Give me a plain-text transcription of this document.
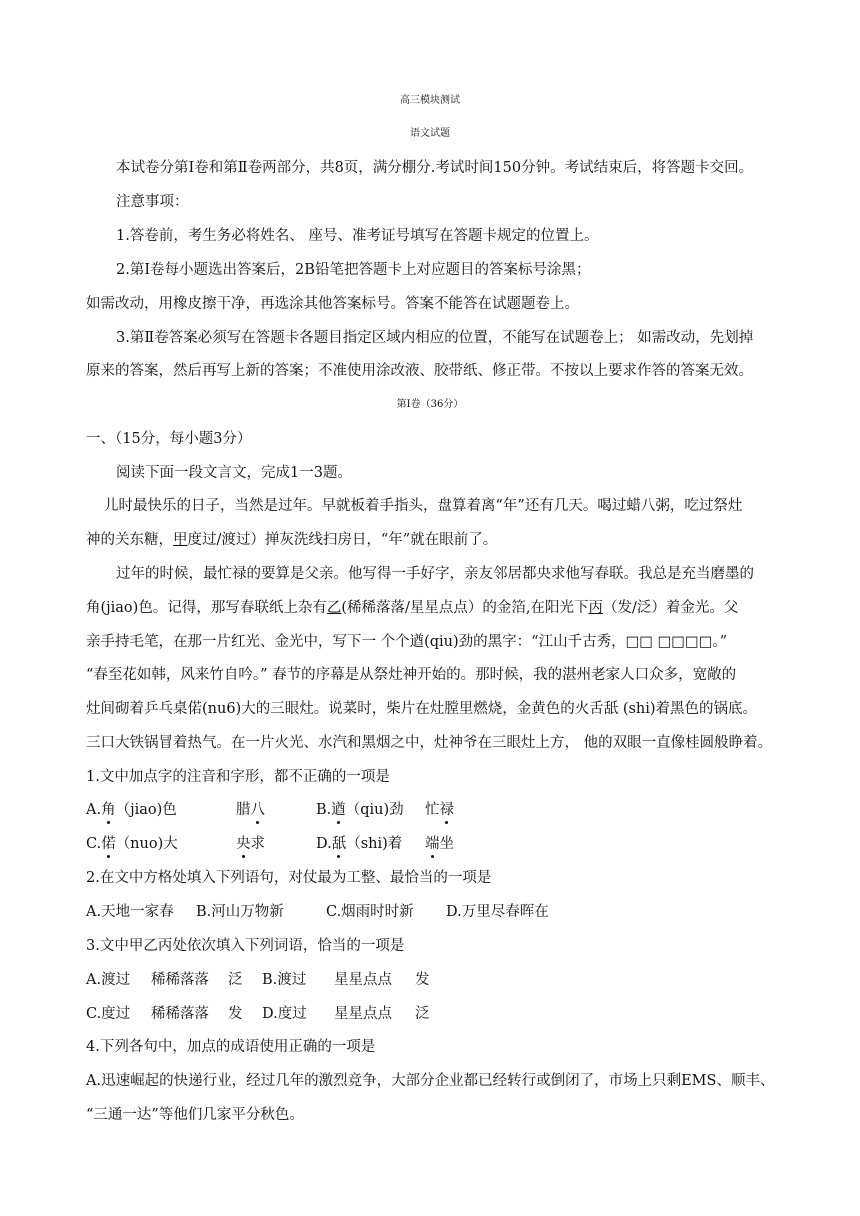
高三模块测试
语文试题
本试卷分第Ⅰ卷和第Ⅱ卷两部分，共8页，满分棚分.考试时间150分钟。考试结束后，将答题卡交回。
注意事项：
1.答卷前，考生务必将姓名、 座号、准考证号填写在答题卡规定的位置上。
2.第Ⅰ卷每小题选出答案后，2B铅笔把答题卡上对应题目的答案标号涂黑；
如需改动，用橡皮擦干净，再选涂其他答案标号。答案不能答在试题题卷上。
3.第Ⅱ卷答案必须写在答题卡各题目指定区域内相应的位置，不能写在试题卷上； 如需改动，先划掉
原来的答案，然后再写上新的答案；不准使用涂改液、胶带纸、修正带。不按以上要求作答的答案无效。
第Ⅰ卷（36分）
一、（15分，每小题3分）
阅读下面一段文言文，完成1一3题。
儿时最快乐的日子，当然是过年。早就板着手指头，盘算着离“年”还有几天。喝过蜡八粥，吃过祭灶
神的关东糖，甲度过/渡过）掸灰洗线扫房日，“年”就在眼前了。
过年的时候，最忙禄的要算是父亲。他写得一手好字，亲友邻居都央求他写春联。我总是充当磨墨的
角(jiao)色。记得，那写春联纸上杂有乙(稀稀落落/星星点点）的金箔,在阳光下丙（发/泛）着金光。父
亲手持毛笔，在那一片红光、金光中，写下一 个个遒(qiu)劲的黑字：“江山千古秀，□□ □□□□。”
“春至花如韩，风来竹自吟。” 春节的序幕是从祭灶神开始的。那时候，我的湛州老家人口众多，宽敞的
灶间砌着乒乓桌偌(nu6)大的三眼灶。说菜时，柴片在灶膛里燃烧，金黄色的火舌舐 (shi)着黑色的锅底。
三口大铁锅冒着热气。在一片火光、水汽和黑烟之中，灶神爷在三眼灶上方， 他的双眼一直像桂圆般睁着。
1.文中加点字的注音和字形，都不正确的一项是
A.角（jiao)色	腊八	B.遒（qiu)劲 忙禄
C.偌（nuo)大	央求	D.舐（shi)着 端坐
2.在文中方格处填入下列语句，对仗最为工整、最恰当的一项是
A.天地一家春 B.河山万物新	C.烟雨时时新 D.万里尽春晖在
3.文中甲乙丙处依次填入下列词语，恰当的一项是
A.渡过 稀稀落落 泛 B.渡过 星星点点 发
C.度过 稀稀落落 发 D.度过 星星点点 泛
4.下列各句中，加点的成语使用正确的一项是
A.迅速崛起的快递行业，经过几年的激烈竞争，大部分企业都已经转行或倒闭了，市场上只剩EMS、顺丰、
“三通一达”等他们几家平分秋色。
